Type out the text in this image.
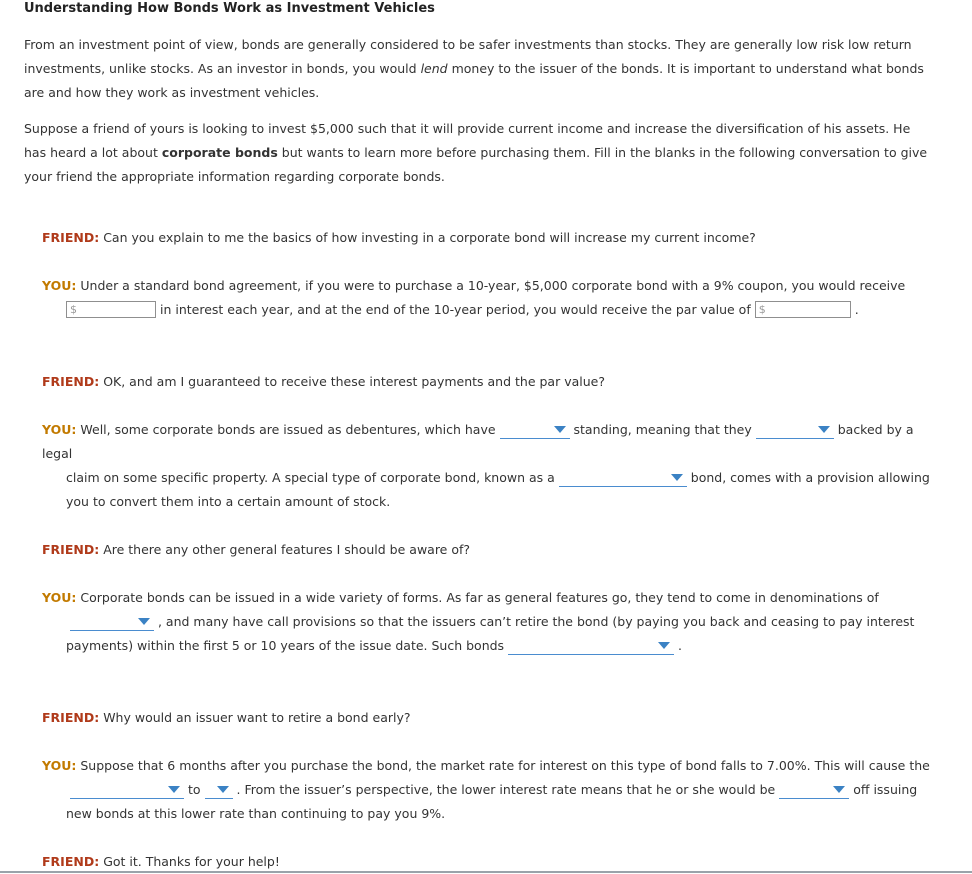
Understanding How Bonds Work as Investment Vehicles
From an investment point of view, bonds are generally considered to be safer investments than stocks. They are generally low risk low return investments, unlike stocks. As an investor in bonds, you would lend money to the issuer of the bonds. It is important to understand what bonds are and how they work as investment vehicles.
Suppose a friend of yours is looking to invest $5,000 such that it will provide current income and increase the diversification of his assets. He has heard a lot about corporate bonds but wants to learn more before purchasing them. Fill in the blanks in the following conversation to give your friend the appropriate information regarding corporate bonds.
FRIEND: Can you explain to me the basics of how investing in a corporate bond will increase my current income?
YOU: Under a standard bond agreement, if you were to purchase a 10-year, $5,000 corporate bond with a 9% coupon, you would receive
$	in interest each year, and at the end of the 10-year period, you would receive the par value of $	.
FRIEND: OK, and am I guaranteed to receive these interest payments and the par value?
YOU: Well, some corporate bonds are issued as debentures, which have	standing, meaning that they	backed by a legal
claim on some specific property. A special type of corporate bond, known as a	bond, comes with a provision allowing
you to convert them into a certain amount of stock.
FRIEND: Are there any other general features I should be aware of?
YOU: Corporate bonds can be issued in a wide variety of forms. As far as general features go, they tend to come in denominations of
, and many have call provisions so that the issuers can’t retire the bond (by paying you back and ceasing to pay interest
payments) within the first 5 or 10 years of the issue date. Such bonds	.
FRIEND: Why would an issuer want to retire a bond early?
YOU: Suppose that 6 months after you purchase the bond, the market rate for interest on this type of bond falls to 7.00%. This will cause the
to	. From the issuer’s perspective, the lower interest rate means that he or she would be	off issuing
new bonds at this lower rate than continuing to pay you 9%.
FRIEND: Got it. Thanks for your help!
